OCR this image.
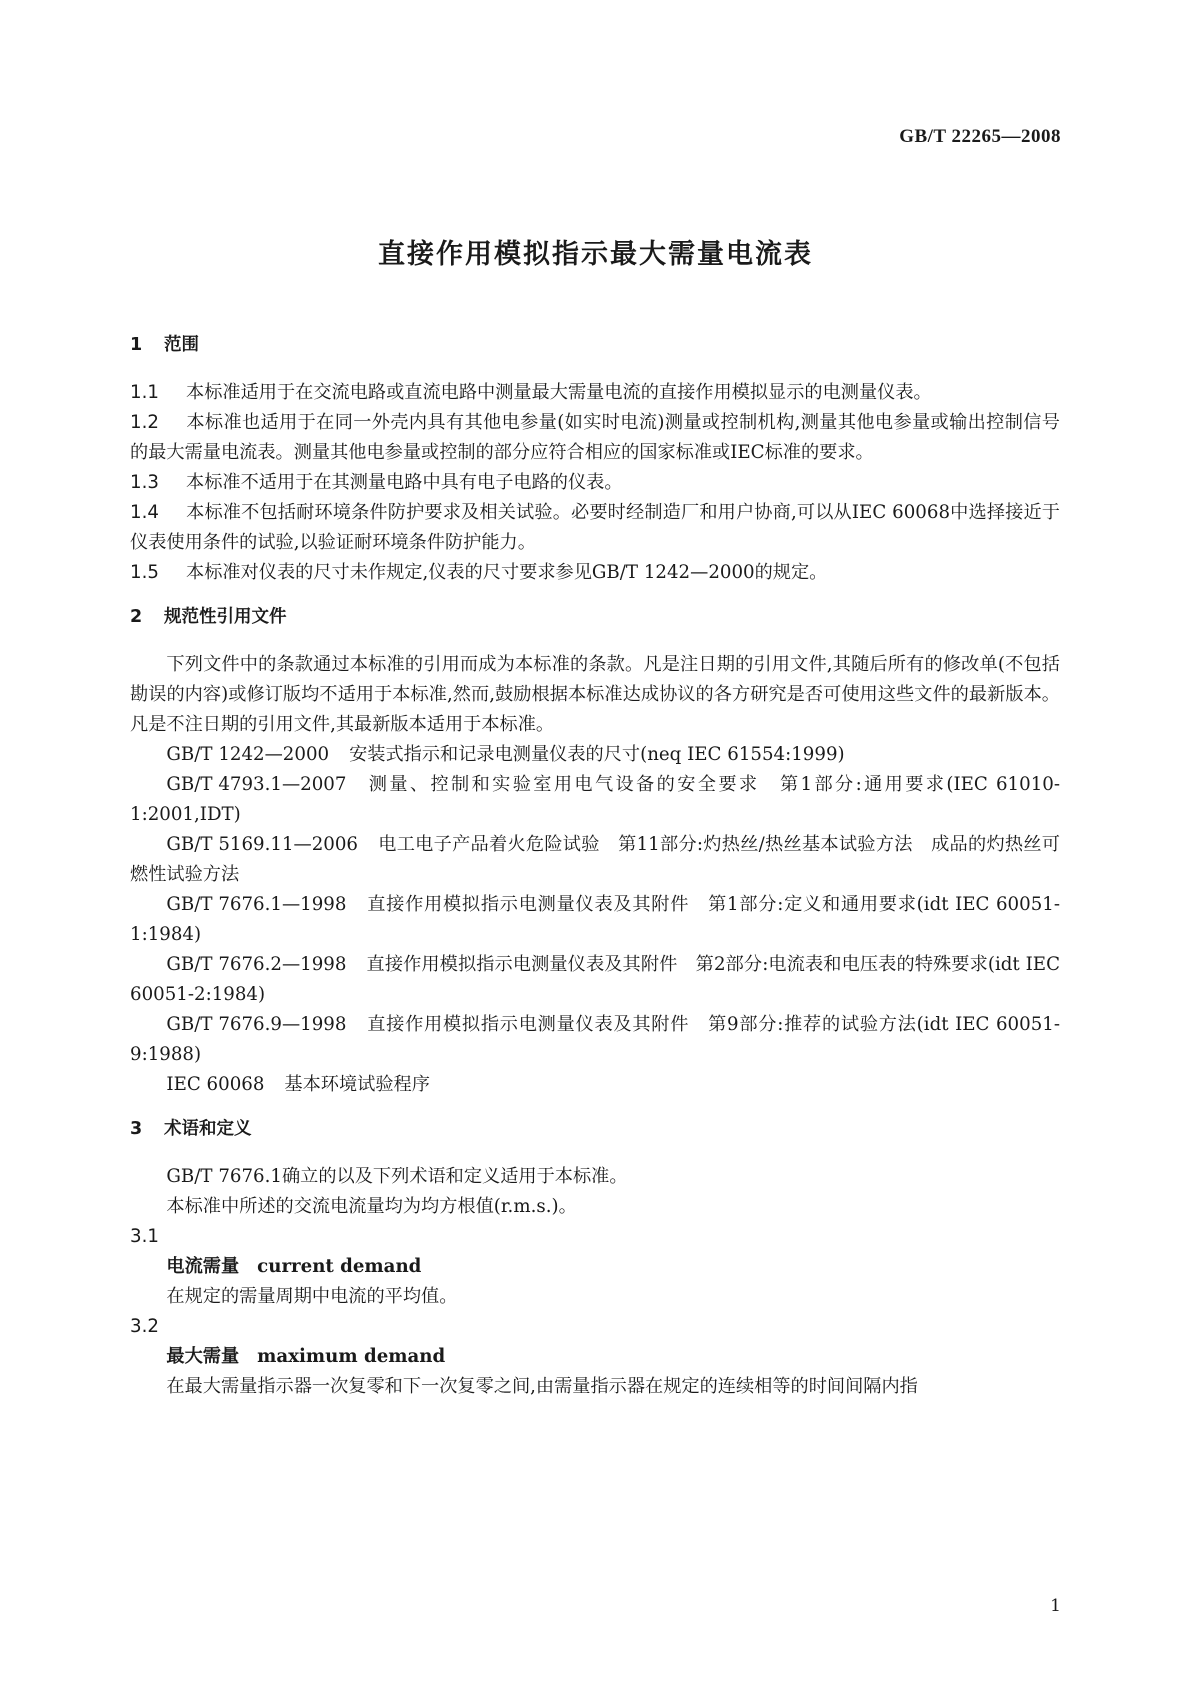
GB/T 22265—2008
直接作用模拟指示最大需量电流表
1 范围

1.1 本标准适用于在交流电路或直流电路中测量最大需量电流的直接作用模拟显示的电测量仪表。

1.2 本标准也适用于在同一外壳内具有其他电参量(如实时电流)测量或控制机构,测量其他电参量或输出控制信号的最大需量电流表。测量其他电参量或控制的部分应符合相应的国家标准或IEC标准的要求。

1.3 本标准不适用于在其测量电路中具有电子电路的仪表。

1.4 本标准不包括耐环境条件防护要求及相关试验。必要时经制造厂和用户协商,可以从IEC 60068中选择接近于仪表使用条件的试验,以验证耐环境条件防护能力。

1.5 本标准对仪表的尺寸未作规定,仪表的尺寸要求参见GB/T 1242—2000的规定。

2 规范性引用文件

下列文件中的条款通过本标准的引用而成为本标准的条款。凡是注日期的引用文件,其随后所有的修改单(不包括勘误的内容)或修订版均不适用于本标准,然而,鼓励根据本标准达成协议的各方研究是否可使用这些文件的最新版本。凡是不注日期的引用文件,其最新版本适用于本标准。

GB/T 1242—2000 安装式指示和记录电测量仪表的尺寸(neq IEC 61554:1999)

GB/T 4793.1—2007 测量、控制和实验室用电气设备的安全要求　第1部分:通用要求(IEC 61010-1:2001,IDT)

GB/T 5169.11—2006 电工电子产品着火危险试验　第11部分:灼热丝/热丝基本试验方法　成品的灼热丝可燃性试验方法

GB/T 7676.1—1998 直接作用模拟指示电测量仪表及其附件　第1部分:定义和通用要求(idt IEC 60051-1:1984)

GB/T 7676.2—1998 直接作用模拟指示电测量仪表及其附件　第2部分:电流表和电压表的特殊要求(idt IEC 60051-2:1984)

GB/T 7676.9—1998 直接作用模拟指示电测量仪表及其附件　第9部分:推荐的试验方法(idt IEC 60051-9:1988)

IEC 60068 基本环境试验程序

3 术语和定义

GB/T 7676.1确立的以及下列术语和定义适用于本标准。

本标准中所述的交流电流量均为均方根值(r.m.s.)。

3.1

电流需量 current demand

在规定的需量周期中电流的平均值。

3.2

最大需量 maximum demand

在最大需量指示器一次复零和下一次复零之间,由需量指示器在规定的连续相等的时间间隔内指

1
